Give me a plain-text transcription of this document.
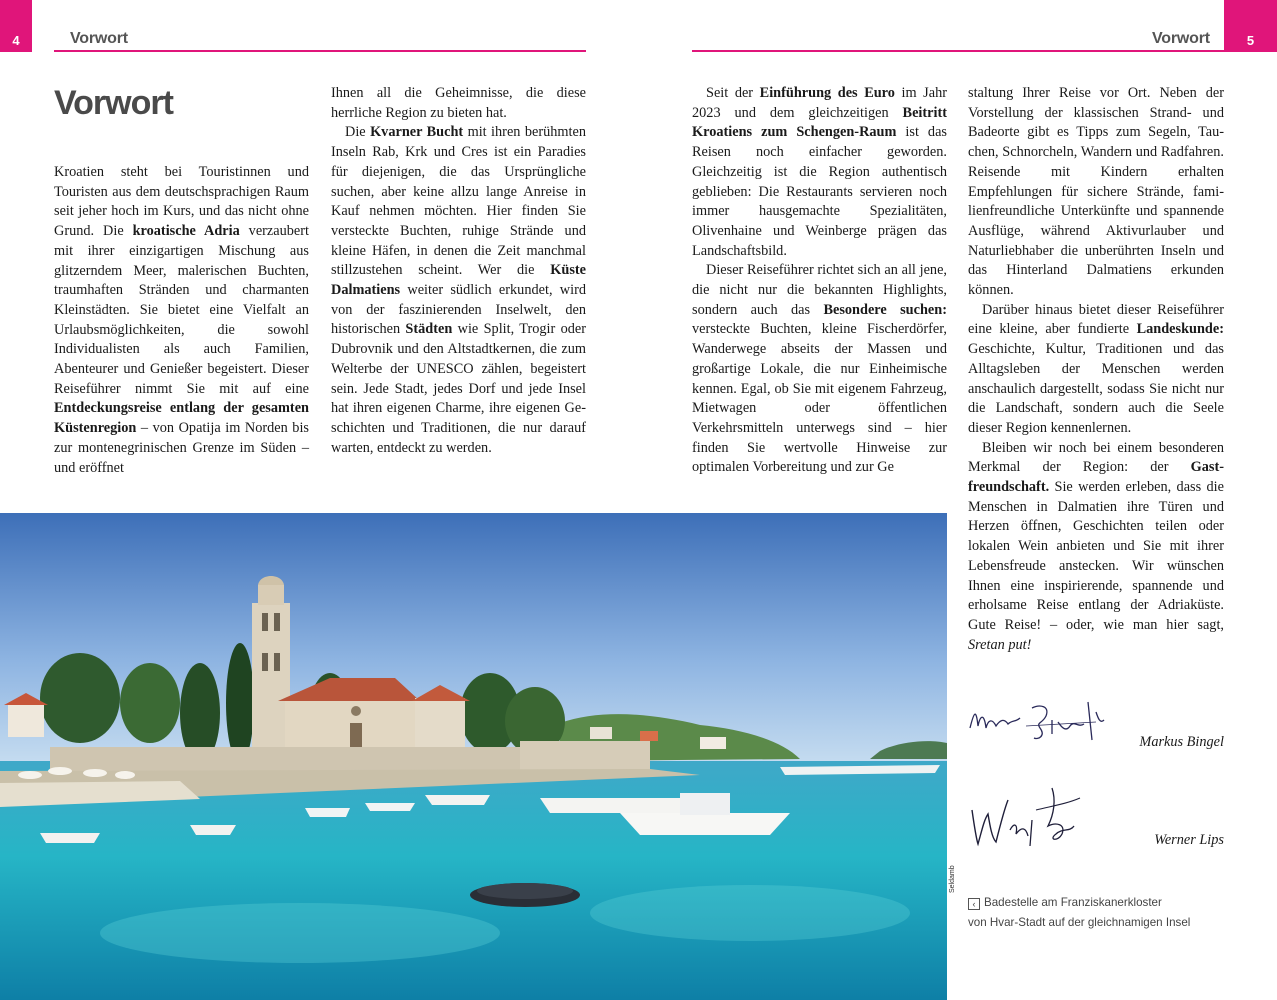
4	Vorwort	5
Vorwort
Vorwort

Kroatien steht bei Touristinnen und Touristen aus dem deutschsprachigen Raum seit jeher hoch im Kurs, und das nicht ohne Grund. Die kroatische Adria verzaubert mit ihrer einzigartigen Mischung aus glitzerndem Meer, malerischen Buchten, traumhaften Stränden und charmanten Kleinstädten. Sie bietet eine Vielfalt an Urlaubsmöglichkeiten, die sowohl Individualisten als auch Familien, Abenteurer und Genießer begeistert. Dieser Reiseführer nimmt Sie mit auf eine Entdeckungsreise entlang der gesamten Küstenregion – von Opatija im Norden bis zur montenegrinischen Grenze im Süden – und eröffnet

Ihnen all die Geheimnisse, die diese herrliche Region zu bieten hat.

Die Kvarner Bucht mit ihren berühmten Inseln Rab, Krk und Cres ist ein Paradies für diejenigen, die das Ursprüngliche suchen, aber keine allzu lange Anreise in Kauf nehmen möchten. Hier finden Sie versteckte Buchten, ruhige Strände und kleine Häfen, in denen die Zeit manchmal stillzustehen scheint. Wer die Küste Dalmatiens weiter südlich erkundet, wird von der faszinierenden Inselwelt, den historischen Städten wie Split, Trogir oder Dubrovnik und den Altstadtkernen, die zum Welterbe der UNESCO zählen, begeistert sein. Jede Stadt, jedes Dorf und jede Insel hat ihren eigenen Charme, ihre eigenen Geschichten und Traditionen, die nur darauf warten, entdeckt zu werden.

Seit der Einführung des Euro im Jahr 2023 und dem gleichzeitigen Beitritt Kroatiens zum Schengen-Raum ist das Reisen noch einfacher geworden. Gleichzeitig ist die Region authentisch geblieben: Die Restaurants servieren noch immer hausgemachte Spezialitäten, Olivenhaine und Weinberge prägen das Landschaftsbild.

Dieser Reiseführer richtet sich an all jene, die nicht nur die bekannten Highlights, sondern auch das Besondere suchen: versteckte Buchten, kleine Fischerdörfer, Wanderwege abseits der Massen und großartige Lokale, die nur Einheimische kennen. Egal, ob Sie mit eigenem Fahrzeug, Mietwagen oder öffentlichen Verkehrsmitteln unterwegs sind – hier finden Sie wertvolle Hinweise zur optimalen Vorbereitung und zur Ge

staltung Ihrer Reise vor Ort. Neben der Vorstellung der klassischen Strand- und Badeorte gibt es Tipps zum Segeln, Tauchen, Schnorcheln, Wandern und Radfahren. Reisende mit Kindern erhalten Empfehlungen für sichere Strände, familienfreundliche Unterkünfte und spannende Ausflüge, während Aktivurlauber und Naturliebhaber die unberührten Inseln und das Hinterland Dalmatiens erkunden können.

Darüber hinaus bietet dieser Reiseführer eine kleine, aber fundierte Landeskunde: Geschichte, Kultur, Traditionen und das Alltagsleben der Menschen werden anschaulich dargestellt, sodass Sie nicht nur die Landschaft, sondern auch die Seele dieser Region kennenlernen.

Bleiben wir noch bei einem besonderen Merkmal der Region: der Gastfreundschaft. Sie werden erleben, dass die Menschen in Dalmatien ihre Türen und Herzen öffnen, Geschichten teilen oder lokalen Wein anbieten und Sie mit ihrer Lebensfreude anstecken. Wir wünschen Ihnen eine inspirierende, spannende und erholsame Reise entlang der Adriaküste. Gute Reise! – oder, wie man hier sagt, Sretan put!

Markus Bingel
Werner Lips
Seldamb
‹ Badestelle am Franziskanerkloster
von Hvar-Stadt auf der gleichnamigen Insel
